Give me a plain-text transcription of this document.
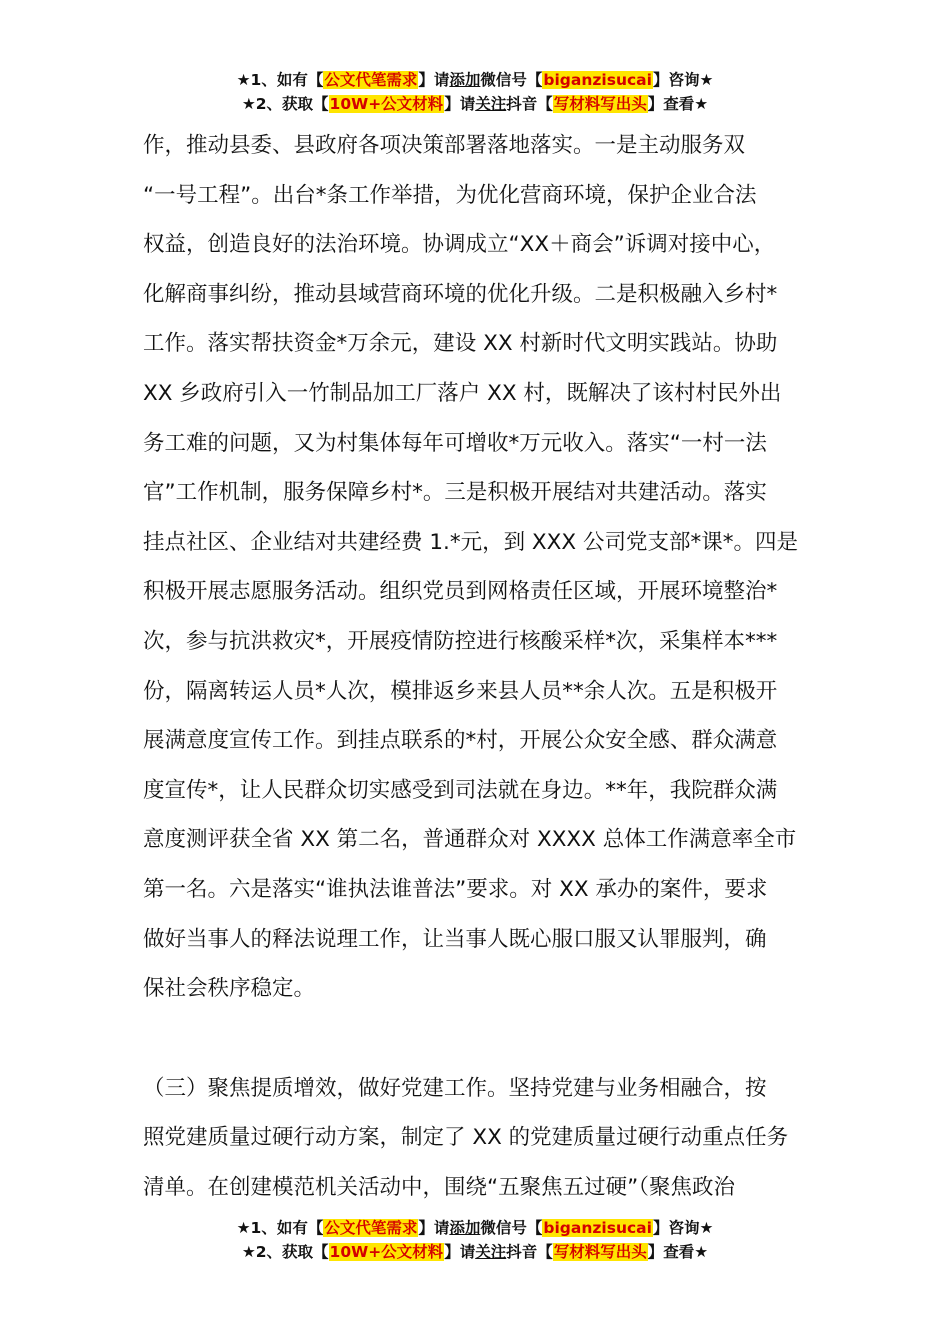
★1、如有【公文代笔需求】请添加微信号【biganzisucai】咨询★
★2、获取【10W+公文材料】请关注抖音【写材料写出头】查看★

作，推动县委、县政府各项决策部署落地落实。一是主动服务双

“一号工程”。出台*条工作举措，为优化营商环境，保护企业合法

权益，创造良好的法治环境。协调成立“XX＋商会”诉调对接中心，

化解商事纠纷，推动县域营商环境的优化升级。二是积极融入乡村*

工作。落实帮扶资金*万余元，建设 XX 村新时代文明实践站。协助

XX 乡政府引入一竹制品加工厂落户 XX 村，既解决了该村村民外出

务工难的问题，又为村集体每年可增收*万元收入。落实“一村一法

官”工作机制，服务保障乡村*。三是积极开展结对共建活动。落实

挂点社区、企业结对共建经费 1.*元，到 XXX 公司党支部*课*。四是

积极开展志愿服务活动。组织党员到网格责任区域，开展环境整治*

次，参与抗洪救灾*，开展疫情防控进行核酸采样*次，采集样本***

份，隔离转运人员*人次，模排返乡来县人员**余人次。五是积极开

展满意度宣传工作。到挂点联系的*村，开展公众安全感、群众满意

度宣传*，让人民群众切实感受到司法就在身边。**年，我院群众满

意度测评获全省 XX 第二名，普通群众对 XXXX 总体工作满意率全市

第一名。六是落实“谁执法谁普法”要求。对 XX 承办的案件，要求

做好当事人的释法说理工作，让当事人既心服口服又认罪服判，确

保社会秩序稳定。

（三）聚焦提质增效，做好党建工作。坚持党建与业务相融合，按

照党建质量过硬行动方案，制定了 XX 的党建质量过硬行动重点任务

清单。在创建模范机关活动中，围绕“五聚焦五过硬”（聚焦政治

★1、如有【公文代笔需求】请添加微信号【biganzisucai】咨询★
★2、获取【10W+公文材料】请关注抖音【写材料写出头】查看★
